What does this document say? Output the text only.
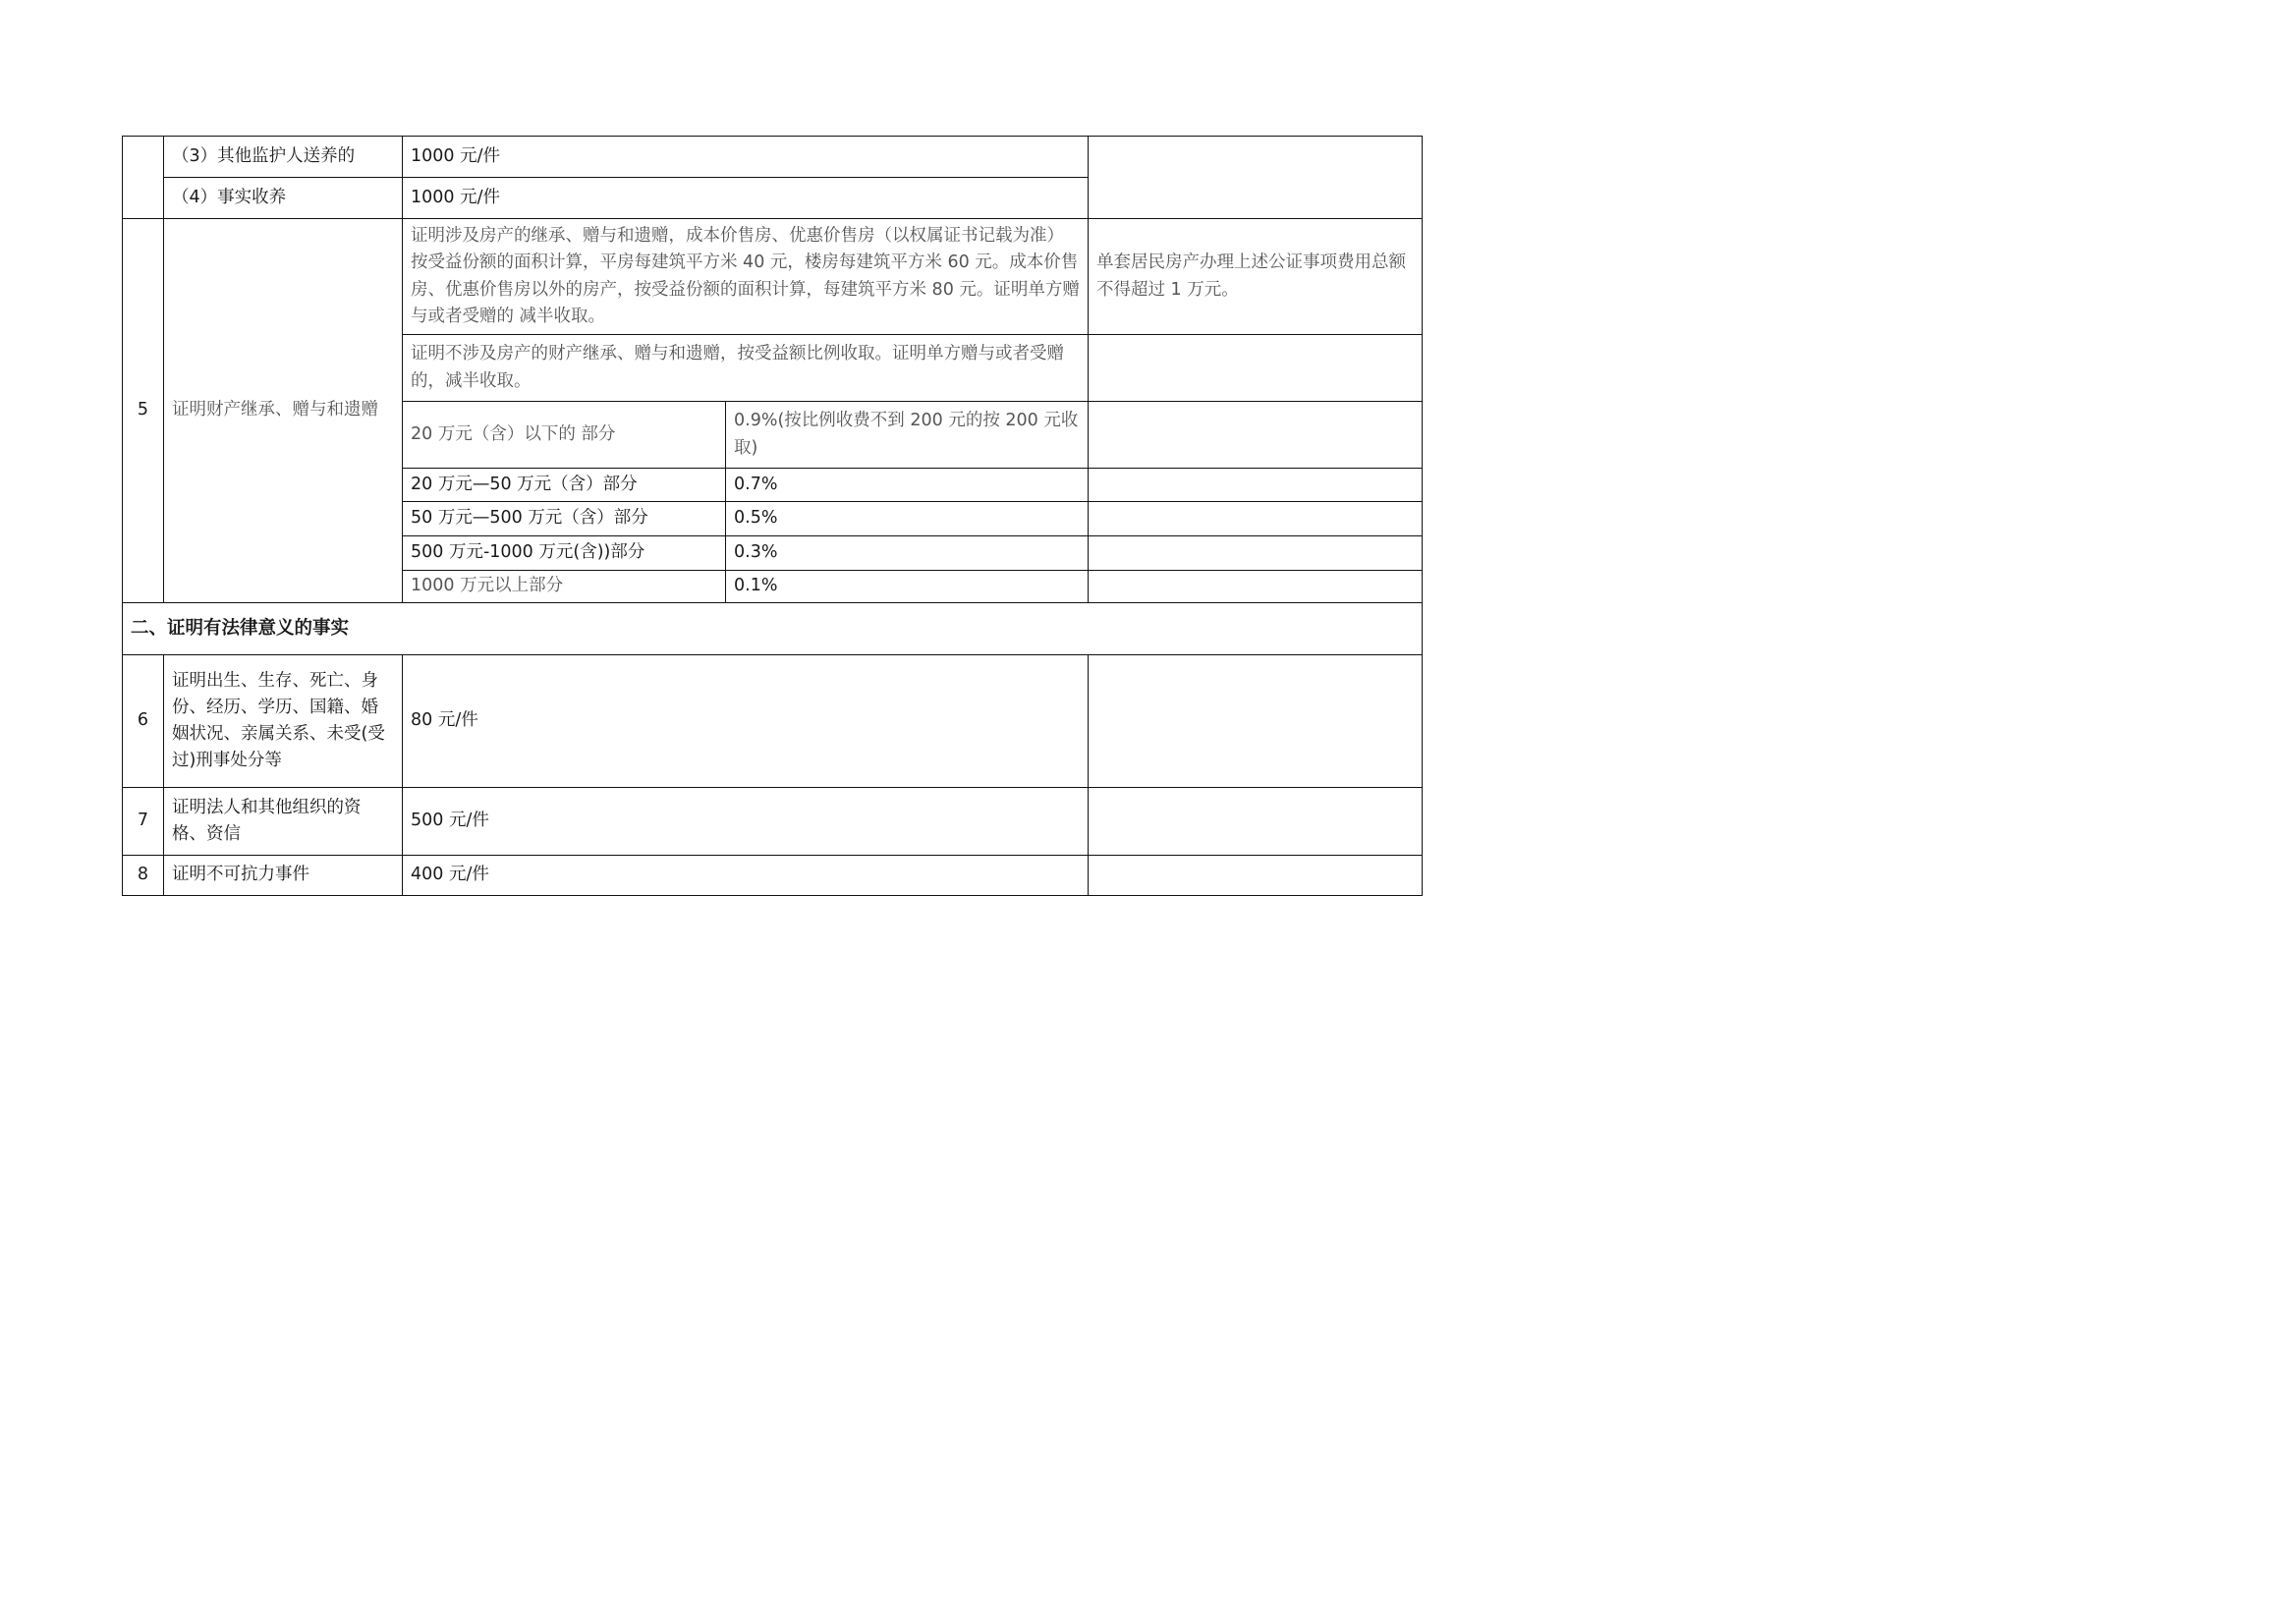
	（3）其他监护人送养的	1000 元/件		
	（4）事实收养	1000 元/件		
5	证明财产继承、赠与和遗赠	证明涉及房产的继承、赠与和遗赠，成本价售房、优惠价售房（以权属证书记载为准）按受益份额的面积计算，平房每建筑平方米 40 元，楼房每建筑平方米 60 元。成本价售房、优惠价售房以外的房产，按受益份额的面积计算，每建筑平方米 80 元。证明单方赠与或者受赠的 减半收取。		单套居民房产办理上述公证事项费用总额不得超过 1 万元。
		证明不涉及房产的财产继承、赠与和遗赠，按受益额比例收取。证明单方赠与或者受赠的，减半收取。		
		20 万元（含）以下的 部分	0.9%(按比例收费不到 200 元的按 200 元收取)	
		20 万元—50 万元（含）部分	0.7%	
		50 万元—500 万元（含）部分	0.5%	
		500 万元-1000 万元(含))部分	0.3%	
		1000 万元以上部分	0.1%	
二、证明有法律意义的事实				
6	证明出生、生存、死亡、身份、经历、学历、国籍、婚姻状况、亲属关系、未受(受过)刑事处分等	80 元/件		
7	证明法人和其他组织的资格、资信	500 元/件		
8	证明不可抗力事件	400 元/件		
